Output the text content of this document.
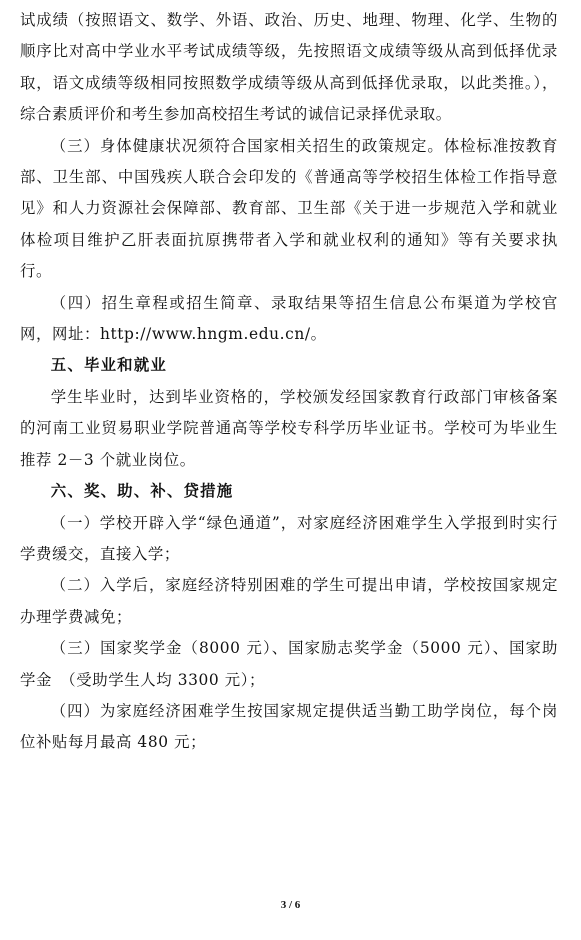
试成绩（按照语文、数学、外语、政治、历史、地理、物理、化学、生物的顺序比对高中学业水平考试成绩等级，先按照语文成绩等级从高到低择优录取，语文成绩等级相同按照数学成绩等级从高到低择优录取，以此类推。），综合素质评价和考生参加高校招生考试的诚信记录择优录取。

（三）身体健康状况须符合国家相关招生的政策规定。体检标准按教育部、卫生部、中国残疾人联合会印发的《普通高等学校招生体检工作指导意见》和人力资源社会保障部、教育部、卫生部《关于进一步规范入学和就业体检项目维护乙肝表面抗原携带者入学和就业权利的通知》等有关要求执行。

（四）招生章程或招生简章、录取结果等招生信息公布渠道为学校官网，网址：http://www.hngm.edu.cn/。

五、毕业和就业

学生毕业时，达到毕业资格的，学校颁发经国家教育行政部门审核备案的河南工业贸易职业学院普通高等学校专科学历毕业证书。学校可为毕业生推荐 2－3 个就业岗位。

六、奖、助、补、贷措施

（一）学校开辟入学“绿色通道”，对家庭经济困难学生入学报到时实行学费缓交，直接入学；

（二）入学后，家庭经济特别困难的学生可提出申请，学校按国家规定办理学费减免；

（三）国家奖学金（8000 元）、国家励志奖学金（5000 元）、国家助学金　（受助学生人均 3300 元）；

（四）为家庭经济困难学生按国家规定提供适当勤工助学岗位，每个岗位补贴每月最高 480 元；

3 / 6
